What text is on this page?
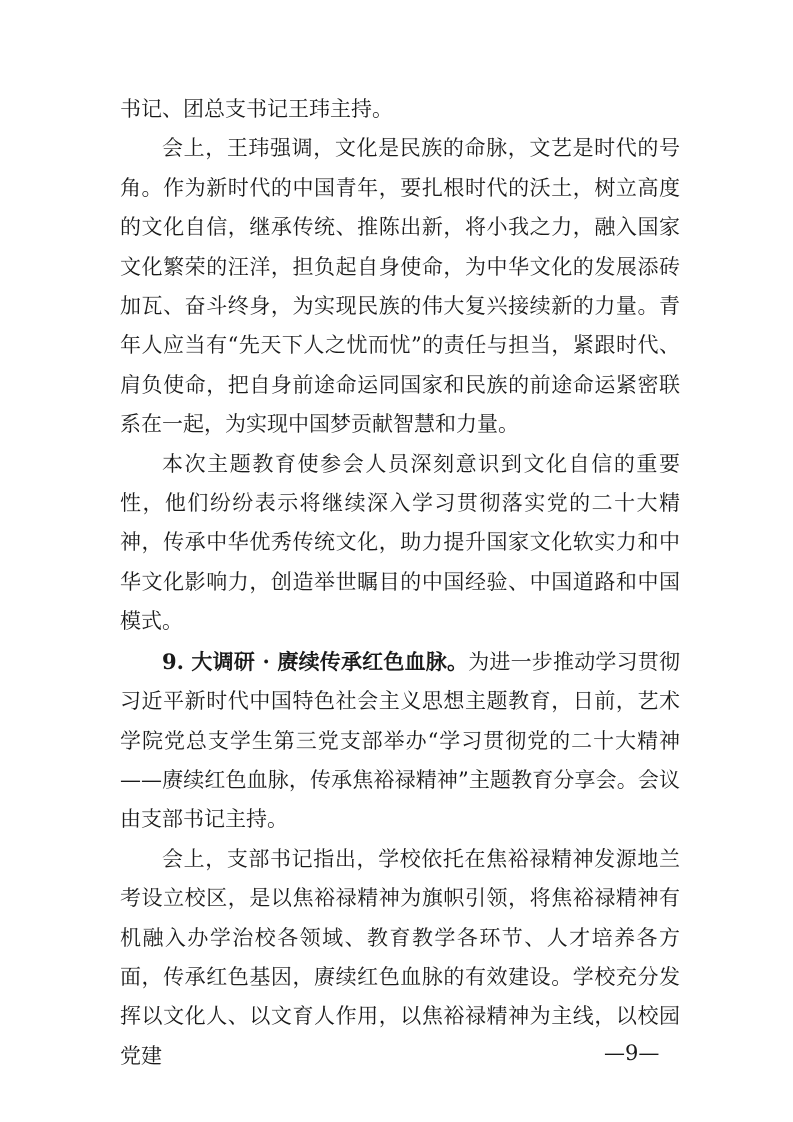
书记、团总支书记王玮主持。

会上，王玮强调，文化是民族的命脉，文艺是时代的号角。作为新时代的中国青年，要扎根时代的沃土，树立高度的文化自信，继承传统、推陈出新，将小我之力，融入国家文化繁荣的汪洋，担负起自身使命，为中华文化的发展添砖加瓦、奋斗终身，为实现民族的伟大复兴接续新的力量。青年人应当有“先天下人之忧而忧”的责任与担当，紧跟时代、肩负使命，把自身前途命运同国家和民族的前途命运紧密联系在一起，为实现中国梦贡献智慧和力量。

本次主题教育使参会人员深刻意识到文化自信的重要性，他们纷纷表示将继续深入学习贯彻落实党的二十大精神，传承中华优秀传统文化，助力提升国家文化软实力和中华文化影响力，创造举世瞩目的中国经验、中国道路和中国模式。

9. 大调研 · 赓续传承红色血脉。为进一步推动学习贯彻习近平新时代中国特色社会主义思想主题教育，日前，艺术学院党总支学生第三党支部举办“学习贯彻党的二十大精神——赓续红色血脉，传承焦裕禄精神”主题教育分享会。会议由支部书记主持。

会上，支部书记指出，学校依托在焦裕禄精神发源地兰考设立校区，是以焦裕禄精神为旗帜引领，将焦裕禄精神有机融入办学治校各领域、教育教学各环节、人才培养各方面，传承红色基因，赓续红色血脉的有效建设。学校充分发挥以文化人、以文育人作用，以焦裕禄精神为主线，以校园党建	—9—
